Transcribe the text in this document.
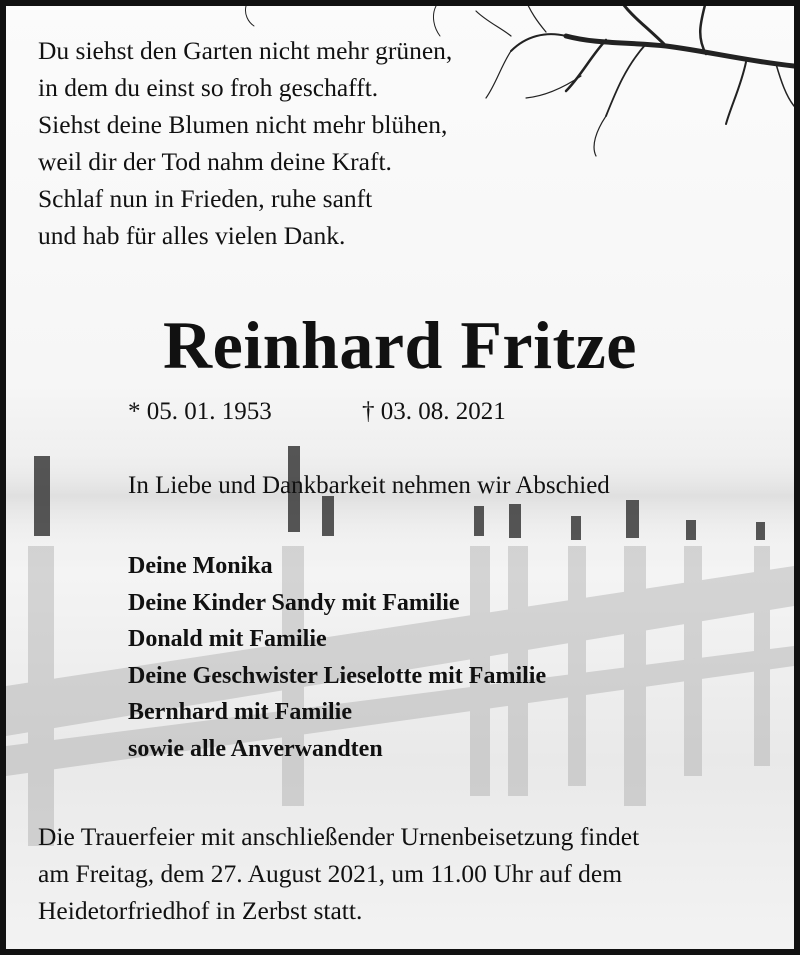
Du siehst den Garten nicht mehr grünen,
in dem du einst so froh geschafft.
Siehst deine Blumen nicht mehr blühen,
weil dir der Tod nahm deine Kraft.
Schlaf nun in Frieden, ruhe sanft
und hab für alles vielen Dank.
Reinhard Fritze
* 05. 01. 1953	† 03. 08. 2021
In Liebe und Dankbarkeit nehmen wir Abschied
Deine Monika
Deine Kinder Sandy mit Familie
Donald mit Familie
Deine Geschwister Lieselotte mit Familie
Bernhard mit Familie
sowie alle Anverwandten
Die Trauerfeier mit anschließender Urnenbeisetzung findet
am Freitag, dem 27. August 2021, um 11.00 Uhr auf dem
Heidetorfriedhof in Zerbst statt.
